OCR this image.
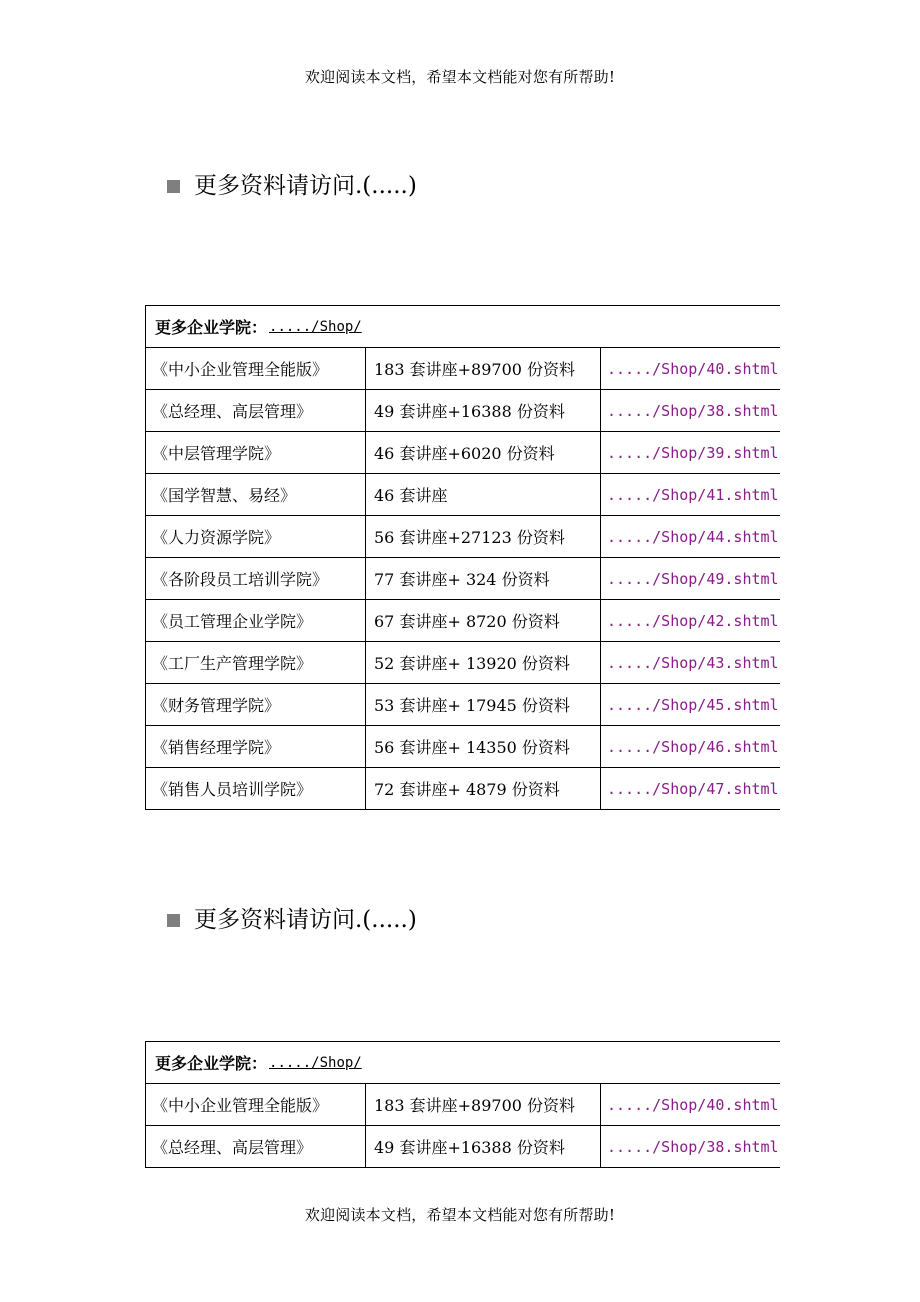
欢迎阅读本文档，希望本文档能对您有所帮助!
更多资料请访问.(.....)
更多企业学院： ...../Shop/
《中小企业管理全能版》	183 套讲座+89700 份资料	...../Shop/40.shtml
《总经理、高层管理》	49 套讲座+16388 份资料	...../Shop/38.shtml
《中层管理学院》	46 套讲座+6020 份资料	...../Shop/39.shtml
《国学智慧、易经》	46 套讲座	...../Shop/41.shtml
《人力资源学院》	56 套讲座+27123 份资料	...../Shop/44.shtml
《各阶段员工培训学院》	77 套讲座+ 324 份资料	...../Shop/49.shtml
《员工管理企业学院》	67 套讲座+ 8720 份资料	...../Shop/42.shtml
《工厂生产管理学院》	52 套讲座+ 13920 份资料	...../Shop/43.shtml
《财务管理学院》	53 套讲座+ 17945 份资料	...../Shop/45.shtml
《销售经理学院》	56 套讲座+ 14350 份资料	...../Shop/46.shtml
《销售人员培训学院》	72 套讲座+ 4879 份资料	...../Shop/47.shtml
更多资料请访问.(.....)
更多企业学院： ...../Shop/
《中小企业管理全能版》	183 套讲座+89700 份资料	...../Shop/40.shtml
《总经理、高层管理》	49 套讲座+16388 份资料	...../Shop/38.shtml
欢迎阅读本文档，希望本文档能对您有所帮助!
